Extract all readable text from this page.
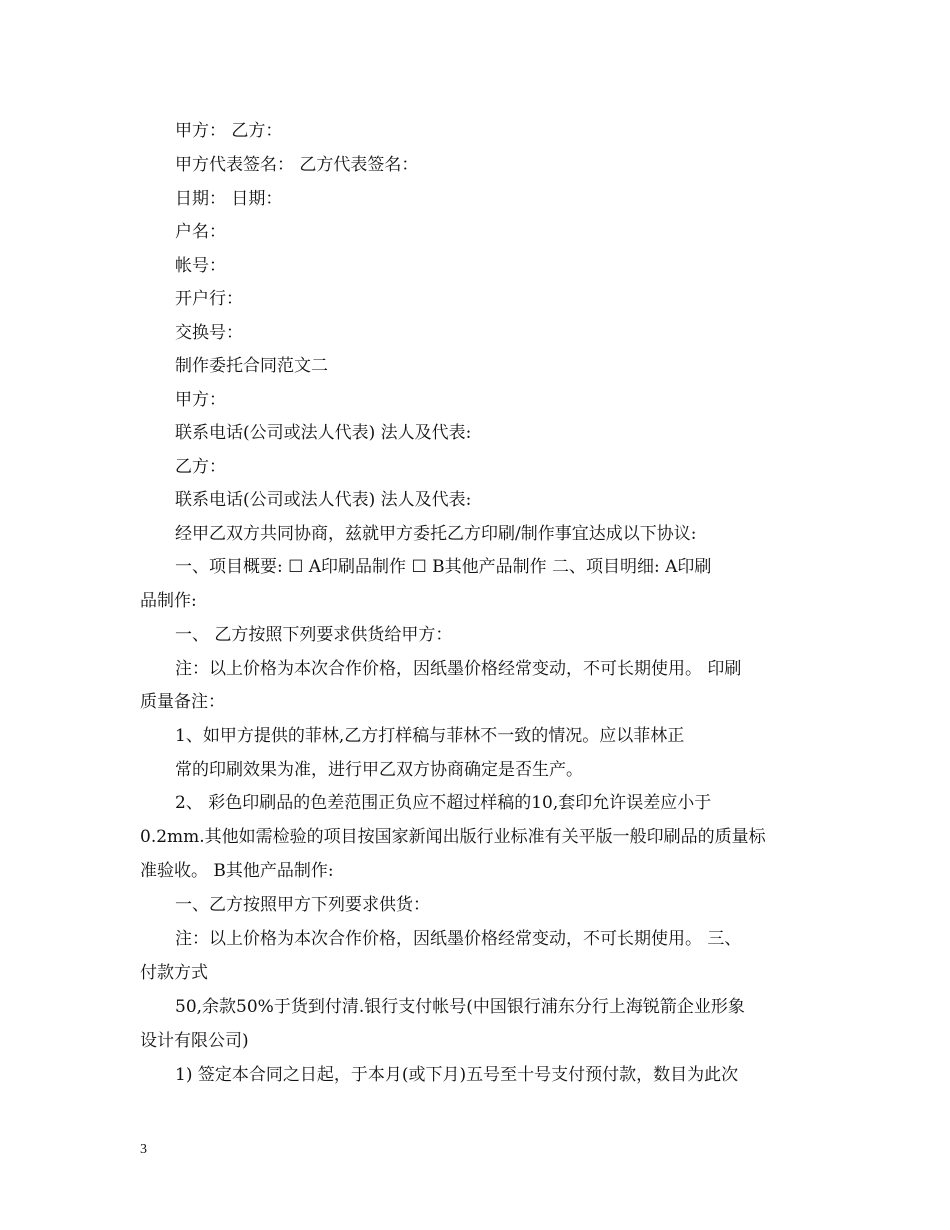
甲方： 乙方：
甲方代表签名： 乙方代表签名：
日期： 日期：
户名：
帐号：
开户行：
交换号：
制作委托合同范文二
甲方：
联系电话(公司或法人代表) 法人及代表:
乙方：
联系电话(公司或法人代表) 法人及代表:
经甲乙双方共同协商，兹就甲方委托乙方印刷/制作事宜达成以下协议:
一、项目概要: ☐ A印刷品制作 ☐ B其他产品制作 二、项目明细: A印刷
品制作:
一、 乙方按照下列要求供货给甲方：
注：以上价格为本次合作价格，因纸墨价格经常变动，不可长期使用。 印刷
质量备注：
1、如甲方提供的菲林,乙方打样稿与菲林不一致的情况。应以菲林正
常的印刷效果为准，进行甲乙双方协商确定是否生产。
2、 彩色印刷品的色差范围正负应不超过样稿的10,套印允许误差应小于
0.2mm.其他如需检验的项目按国家新闻出版行业标准有关平版一般印刷品的质量标
准验收。 B其他产品制作:
一、乙方按照甲方下列要求供货：
注：以上价格为本次合作价格，因纸墨价格经常变动，不可长期使用。 三、
付款方式
50,余款50%于货到付清.银行支付帐号(中国银行浦东分行上海锐箭企业形象
设计有限公司)
1) 签定本合同之日起，于本月(或下月)五号至十号支付预付款，数目为此次
3
